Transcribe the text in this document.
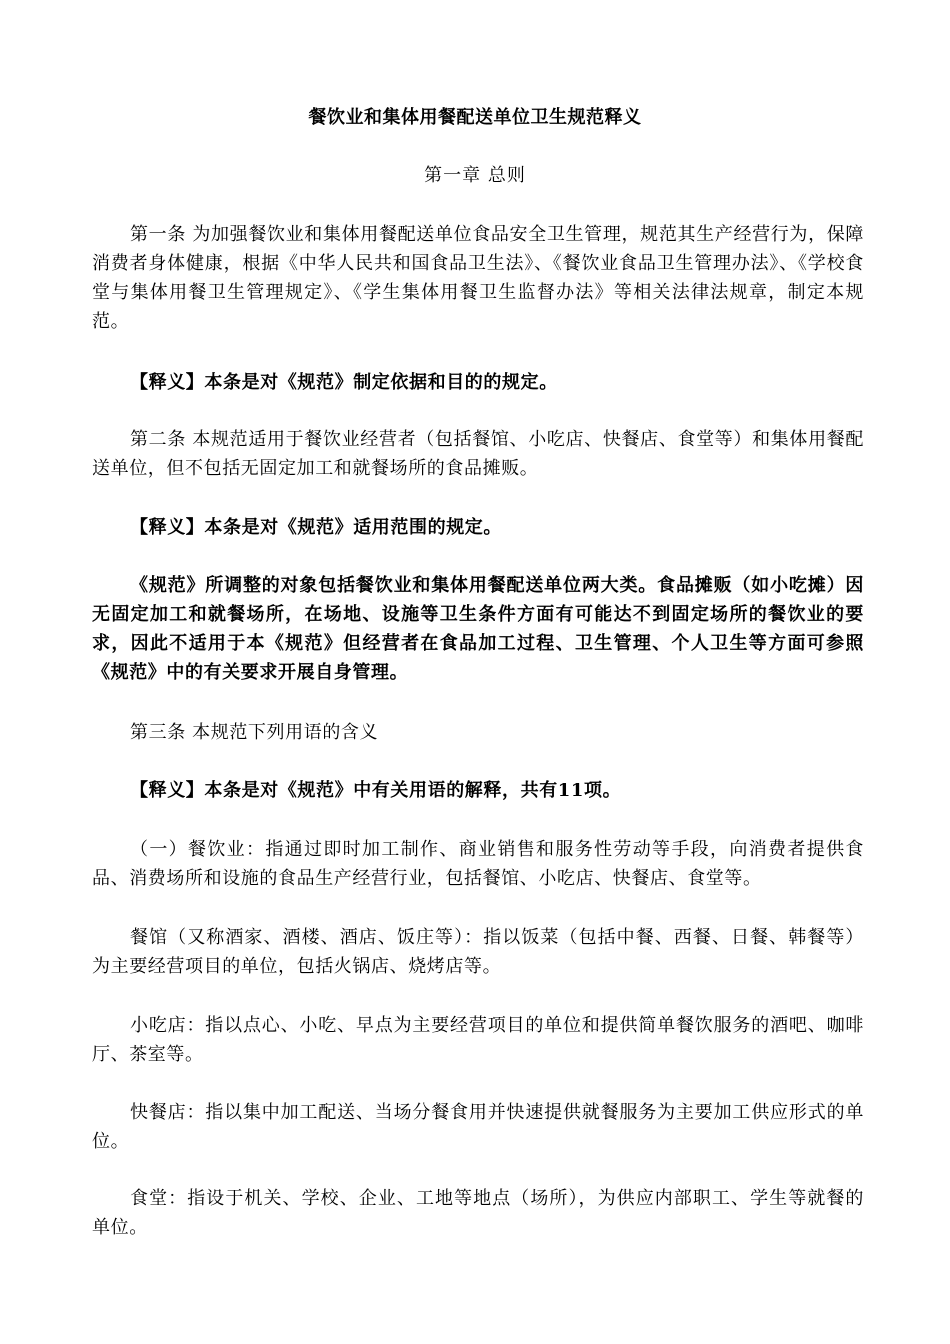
餐饮业和集体用餐配送单位卫生规范释义
第一章 总则

第一条 为加强餐饮业和集体用餐配送单位食品安全卫生管理，规范其生产经营行为，保障消费者身体健康，根据《中华人民共和国食品卫生法》、《餐饮业食品卫生管理办法》、《学校食堂与集体用餐卫生管理规定》、《学生集体用餐卫生监督办法》等相关法律法规章，制定本规范。

【释义】本条是对《规范》制定依据和目的的规定。

第二条 本规范适用于餐饮业经营者（包括餐馆、小吃店、快餐店、食堂等）和集体用餐配送单位，但不包括无固定加工和就餐场所的食品摊贩。

【释义】本条是对《规范》适用范围的规定。

《规范》所调整的对象包括餐饮业和集体用餐配送单位两大类。食品摊贩（如小吃摊）因无固定加工和就餐场所，在场地、设施等卫生条件方面有可能达不到固定场所的餐饮业的要求，因此不适用于本《规范》但经营者在食品加工过程、卫生管理、个人卫生等方面可参照《规范》中的有关要求开展自身管理。

第三条 本规范下列用语的含义

【释义】本条是对《规范》中有关用语的解释，共有11项。

（一）餐饮业：指通过即时加工制作、商业销售和服务性劳动等手段，向消费者提供食品、消费场所和设施的食品生产经营行业，包括餐馆、小吃店、快餐店、食堂等。

餐馆（又称酒家、酒楼、酒店、饭庄等）：指以饭菜（包括中餐、西餐、日餐、韩餐等）为主要经营项目的单位，包括火锅店、烧烤店等。

小吃店：指以点心、小吃、早点为主要经营项目的单位和提供简单餐饮服务的酒吧、咖啡厅、茶室等。

快餐店：指以集中加工配送、当场分餐食用并快速提供就餐服务为主要加工供应形式的单位。

食堂：指设于机关、学校、企业、工地等地点（场所），为供应内部职工、学生等就餐的单位。
